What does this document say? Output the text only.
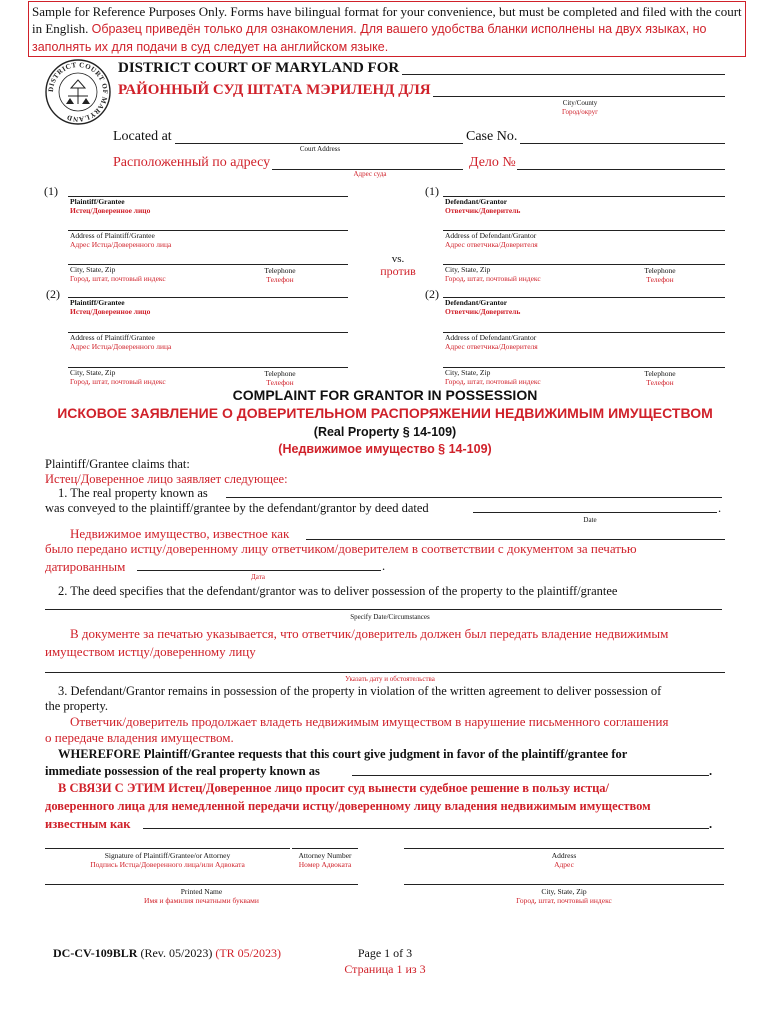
Sample for Reference Purposes Only. Forms have bilingual format for your convenience, but must be completed and filed with the court in English. Образец приведён только для ознакомления. Для вашего удобства бланки исполнены на двух языках, но заполнять их для подачи в суд следует на английском языке.
DISTRICT COURT OF MARYLAND
DISTRICT COURT OF MARYLAND FOR
РАЙОННЫЙ СУД ШТАТА МЭРИЛЕНД ДЛЯ
City/County
Город/округ
Located at
Court Address
Case No.
Расположенный по адресу
Адрес суда
Дело №
(1)
Plaintiff/Grantee
Истец/Доверенное лицо
Address of Plaintiff/Grantee
Адрес Истца/Доверенного лица
City, State, Zip
Город, штат, почтовый индекс
Telephone
Телефон
(1)
Defendant/Grantor
Ответчик/Доверитель
Address of Defendant/Grantor
Адрес ответчика/Доверителя
City, State, Zip
Город, штат, почтовый индекс
Telephone
Телефон
vs.
против
(2)
Plaintiff/Grantee
Истец/Доверенное лицо
Address of Plaintiff/Grantee
Адрес Истца/Доверенного лица
City, State, Zip
Город, штат, почтовый индекс
Telephone
Телефон
(2)
Defendant/Grantor
Ответчик/Доверитель
Address of Defendant/Grantor
Адрес ответчика/Доверителя
City, State, Zip
Город, штат, почтовый индекс
Telephone
Телефон
COMPLAINT FOR GRANTOR IN POSSESSION
ИСКОВОЕ ЗАЯВЛЕНИЕ О ДОВЕРИТЕЛЬНОМ РАСПОРЯЖЕНИИ НЕДВИЖИМЫМ ИМУЩЕСТВОМ
(Real Property § 14-109)
(Недвижимое имущество § 14-109)
Plaintiff/Grantee claims that:
Истец/Доверенное лицо заявляет следующее:
1. The real property known as
was conveyed to the plaintiff/grantee by the defendant/grantor by deed dated	.
Date
Недвижимое имущество, известное как
было передано истцу/доверенному лицу ответчиком/доверителем в соответствии с документом за печатью
датированным	.
Дата
2. The deed specifies that the defendant/grantor was to deliver possession of the property to the plaintiff/grantee
Specify Date/Circumstances
В документе за печатью указывается, что ответчик/доверитель должен был передать владение недвижимым
имуществом истцу/доверенному лицу
Указать дату и обстоятельства
3. Defendant/Grantor remains in possession of the property in violation of the written agreement to deliver possession of
the property.
Ответчик/доверитель продолжает владеть недвижимым имуществом в нарушение письменного соглашения
о передаче владения имуществом.
WHEREFORE Plaintiff/Grantee requests that this court give judgment in favor of the plaintiff/grantee for
immediate possession of the real property known as	.
В СВЯЗИ С ЭТИМ Истец/Доверенное лицо просит суд вынести судебное решение в пользу истца/
доверенного лица для немедленной передачи истцу/доверенному лицу владения недвижимым имуществом
известным как	.
Signature of Plaintiff/Grantee/or Attorney
Подпись Истца/Доверенного лица/или Адвоката
Attorney Number
Номер Адвоката
Address
Адрес
Printed Name
Имя и фамилия печатными буквами
City, State, Zip
Город, штат, почтовый индекс
DC-CV-109BLR (Rev. 05/2023) (TR 05/2023)	Page 1 of 3
Страница 1 из 3
